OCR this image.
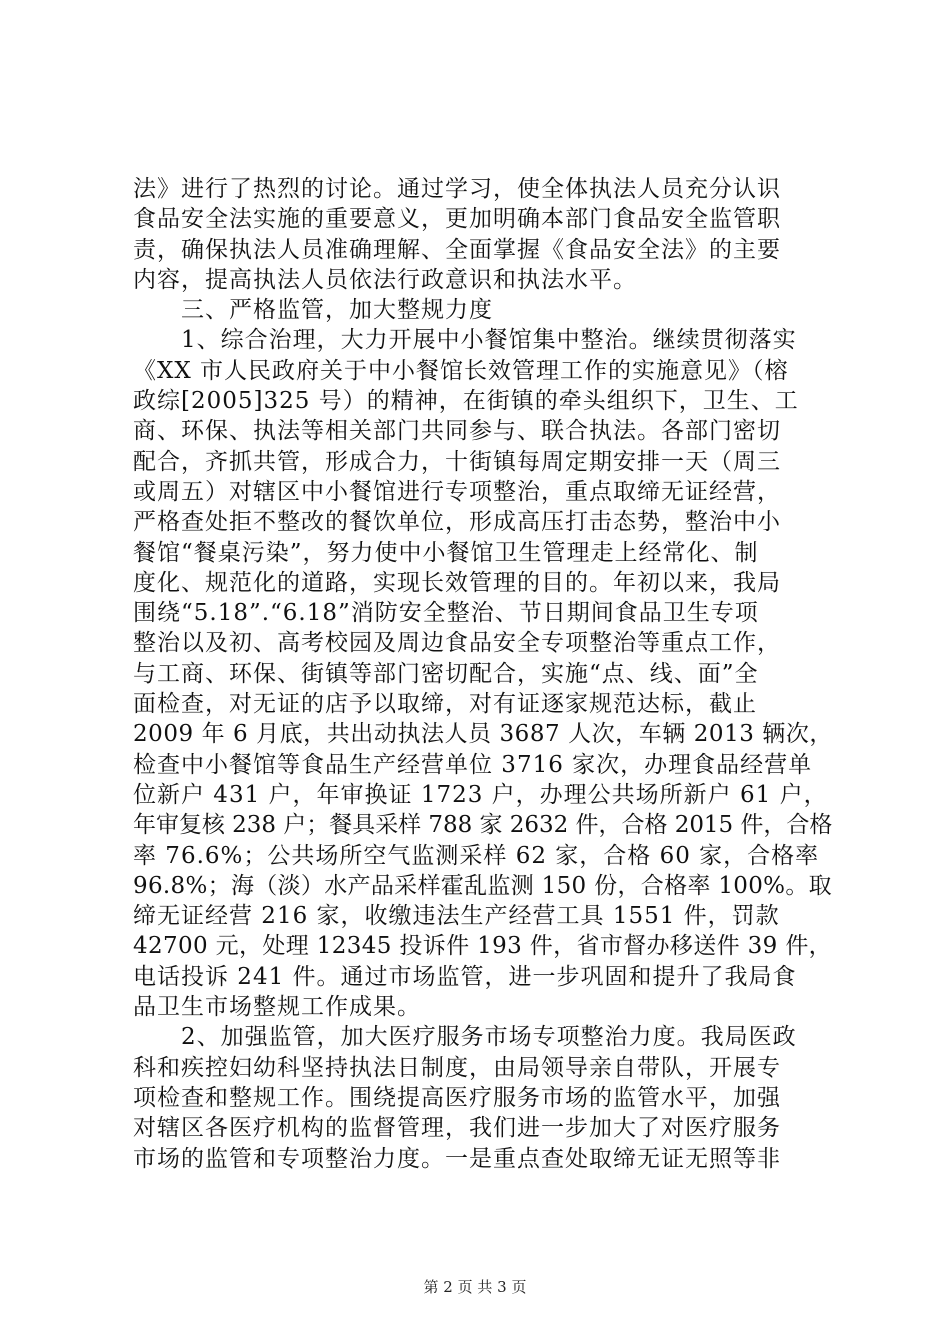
法》进行了热烈的讨论。通过学习，使全体执法人员充分认识

食品安全法实施的重要意义，更加明确本部门食品安全监管职

责，确保执法人员准确理解、全面掌握《食品安全法》的主要

内容，提高执法人员依法行政意识和执法水平。

　　三、严格监管，加大整规力度

　　1、综合治理，大力开展中小餐馆集中整治。继续贯彻落实

《XX 市人民政府关于中小餐馆长效管理工作的实施意见》（榕

政综[2005]325 号）的精神，在街镇的牵头组织下，卫生、工

商、环保、执法等相关部门共同参与、联合执法。各部门密切

配合，齐抓共管，形成合力，十街镇每周定期安排一天（周三

或周五）对辖区中小餐馆进行专项整治，重点取缔无证经营，

严格查处拒不整改的餐饮单位，形成高压打击态势，整治中小

餐馆“餐桌污染”，努力使中小餐馆卫生管理走上经常化、制

度化、规范化的道路，实现长效管理的目的。年初以来，我局

围绕“5.18”.“6.18”消防安全整治、节日期间食品卫生专项

整治以及初、高考校园及周边食品安全专项整治等重点工作，

与工商、环保、街镇等部门密切配合，实施“点、线、面”全

面检查，对无证的店予以取缔，对有证逐家规范达标，截止

2009 年 6 月底，共出动执法人员 3687 人次，车辆 2013 辆次，

检查中小餐馆等食品生产经营单位 3716 家次，办理食品经营单

位新户 431 户，年审换证 1723 户，办理公共场所新户 61 户，

年审复核 238 户；餐具采样 788 家 2632 件，合格 2015 件，合格

率 76.6%；公共场所空气监测采样 62 家，合格 60 家，合格率

96.8%；海（淡）水产品采样霍乱监测 150 份，合格率 100%。取

缔无证经营 216 家，收缴违法生产经营工具 1551 件，罚款

42700 元，处理 12345 投诉件 193 件，省市督办移送件 39 件，

电话投诉 241 件。通过市场监管，进一步巩固和提升了我局食

品卫生市场整规工作成果。

　　2、加强监管，加大医疗服务市场专项整治力度。我局医政

科和疾控妇幼科坚持执法日制度，由局领导亲自带队，开展专

项检查和整规工作。围绕提高医疗服务市场的监管水平，加强

对辖区各医疗机构的监督管理，我们进一步加大了对医疗服务

市场的监管和专项整治力度。一是重点查处取缔无证无照等非

第 2 页 共 3 页
